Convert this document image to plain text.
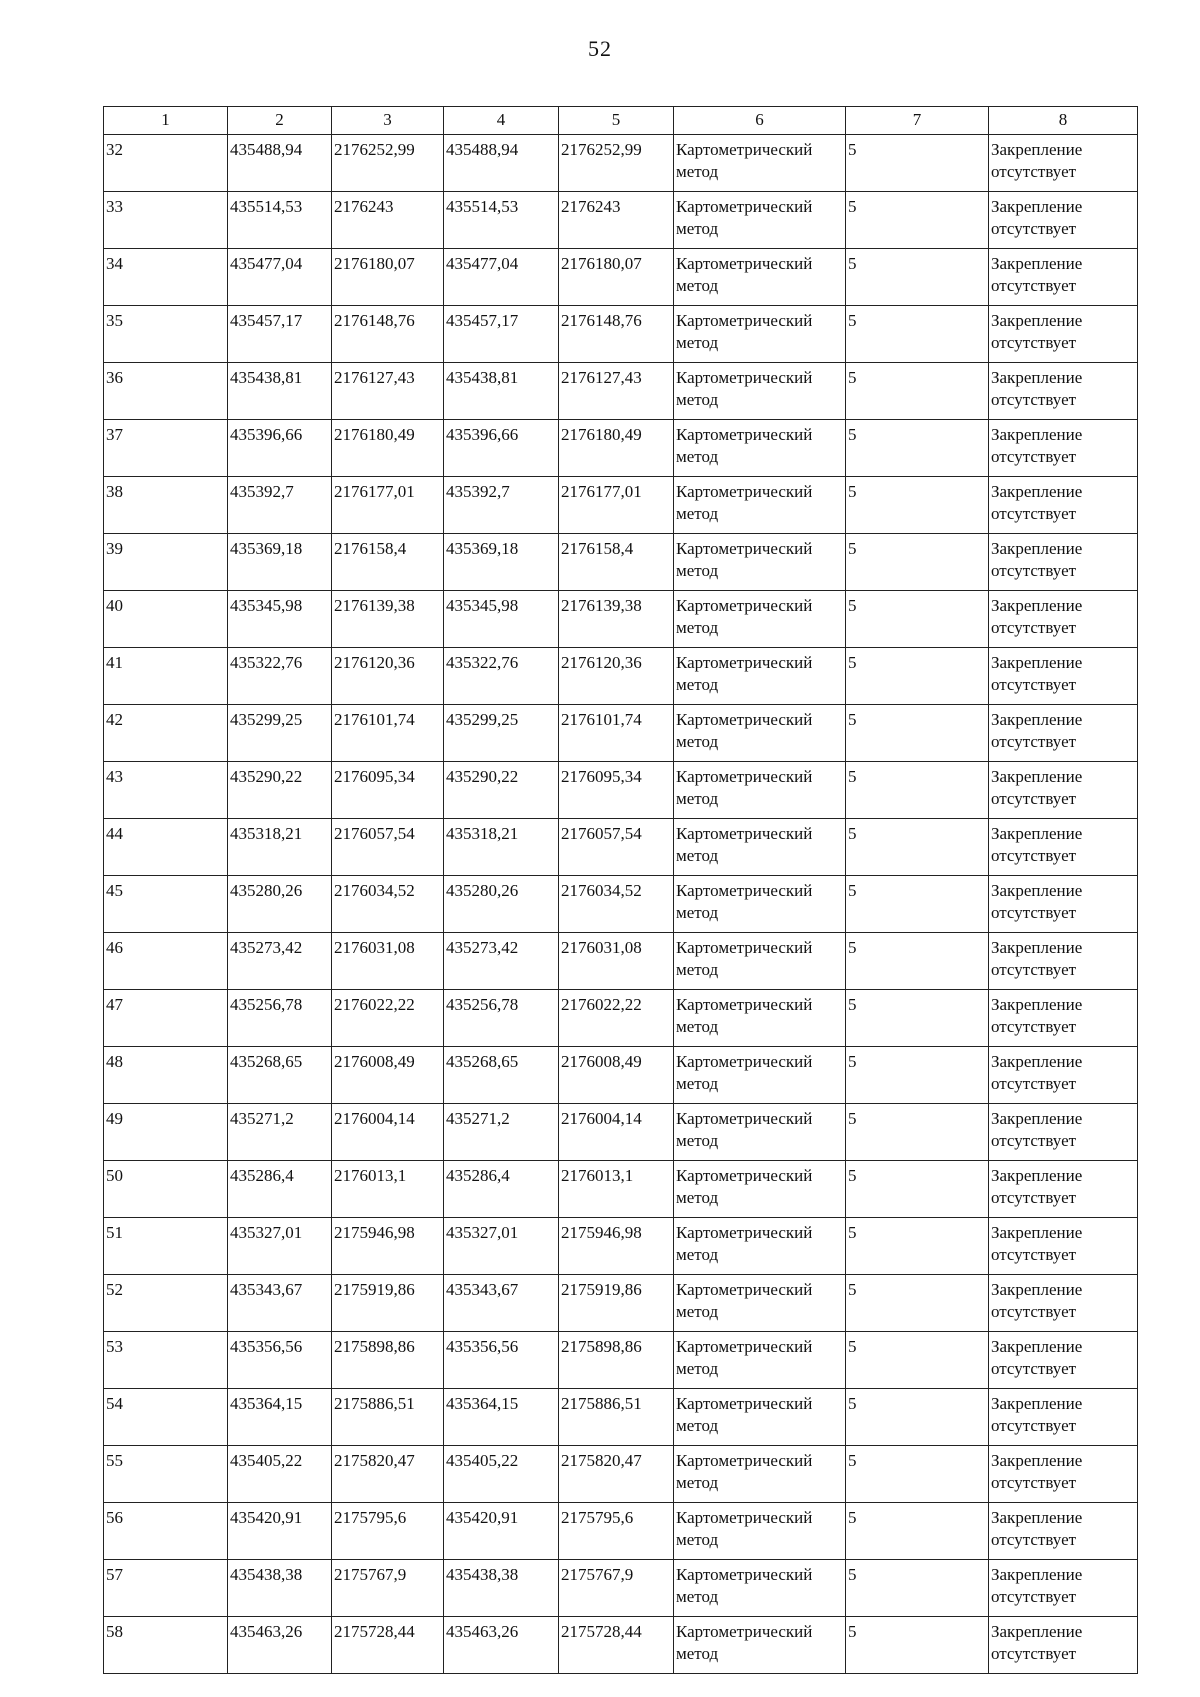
52
1	2	3	4	5	6	7	8
32	435488,94	2176252,99	435488,94	2176252,99	Картометрический метод	5	Закрепление отсутствует
33	435514,53	2176243	435514,53	2176243	Картометрический метод	5	Закрепление отсутствует
34	435477,04	2176180,07	435477,04	2176180,07	Картометрический метод	5	Закрепление отсутствует
35	435457,17	2176148,76	435457,17	2176148,76	Картометрический метод	5	Закрепление отсутствует
36	435438,81	2176127,43	435438,81	2176127,43	Картометрический метод	5	Закрепление отсутствует
37	435396,66	2176180,49	435396,66	2176180,49	Картометрический метод	5	Закрепление отсутствует
38	435392,7	2176177,01	435392,7	2176177,01	Картометрический метод	5	Закрепление отсутствует
39	435369,18	2176158,4	435369,18	2176158,4	Картометрический метод	5	Закрепление отсутствует
40	435345,98	2176139,38	435345,98	2176139,38	Картометрический метод	5	Закрепление отсутствует
41	435322,76	2176120,36	435322,76	2176120,36	Картометрический метод	5	Закрепление отсутствует
42	435299,25	2176101,74	435299,25	2176101,74	Картометрический метод	5	Закрепление отсутствует
43	435290,22	2176095,34	435290,22	2176095,34	Картометрический метод	5	Закрепление отсутствует
44	435318,21	2176057,54	435318,21	2176057,54	Картометрический метод	5	Закрепление отсутствует
45	435280,26	2176034,52	435280,26	2176034,52	Картометрический метод	5	Закрепление отсутствует
46	435273,42	2176031,08	435273,42	2176031,08	Картометрический метод	5	Закрепление отсутствует
47	435256,78	2176022,22	435256,78	2176022,22	Картометрический метод	5	Закрепление отсутствует
48	435268,65	2176008,49	435268,65	2176008,49	Картометрический метод	5	Закрепление отсутствует
49	435271,2	2176004,14	435271,2	2176004,14	Картометрический метод	5	Закрепление отсутствует
50	435286,4	2176013,1	435286,4	2176013,1	Картометрический метод	5	Закрепление отсутствует
51	435327,01	2175946,98	435327,01	2175946,98	Картометрический метод	5	Закрепление отсутствует
52	435343,67	2175919,86	435343,67	2175919,86	Картометрический метод	5	Закрепление отсутствует
53	435356,56	2175898,86	435356,56	2175898,86	Картометрический метод	5	Закрепление отсутствует
54	435364,15	2175886,51	435364,15	2175886,51	Картометрический метод	5	Закрепление отсутствует
55	435405,22	2175820,47	435405,22	2175820,47	Картометрический метод	5	Закрепление отсутствует
56	435420,91	2175795,6	435420,91	2175795,6	Картометрический метод	5	Закрепление отсутствует
57	435438,38	2175767,9	435438,38	2175767,9	Картометрический метод	5	Закрепление отсутствует
58	435463,26	2175728,44	435463,26	2175728,44	Картометрический метод	5	Закрепление отсутствует
